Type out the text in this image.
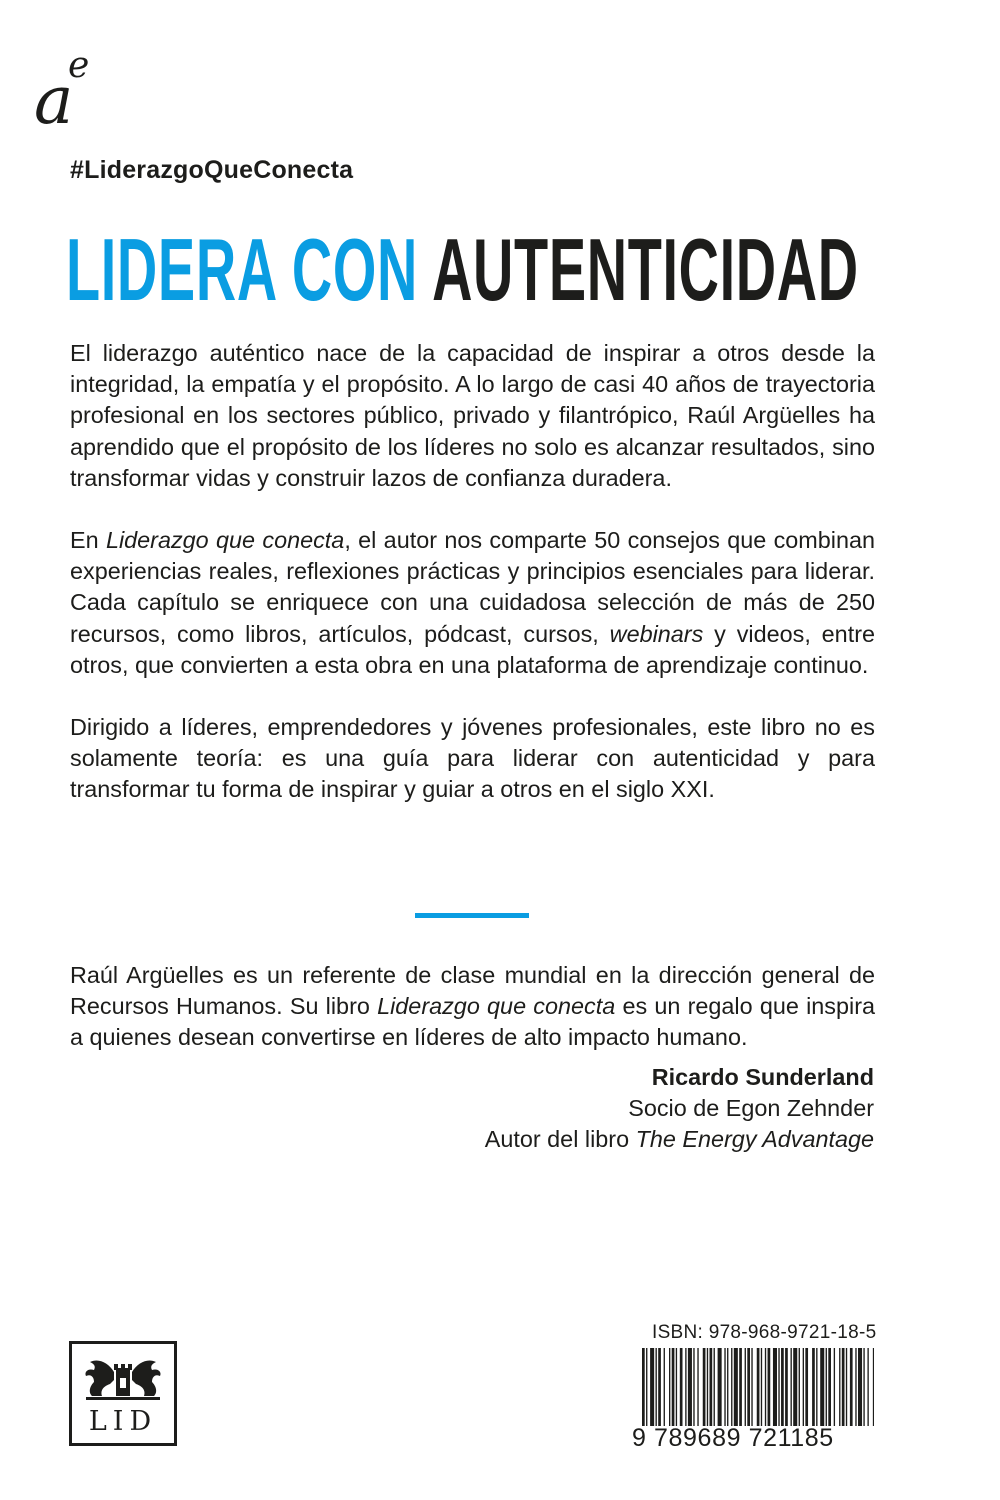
a
e
#LiderazgoQueConecta
LIDERA CON AUTENTICIDAD

El liderazgo auténtico nace de la capacidad de inspirar a otros desde la integridad, la empatía y el propósito. A lo largo de casi 40 años de trayectoria profesional en los sectores público, privado y filantrópico, Raúl Argüelles ha aprendido que el propósito de los líderes no solo es alcanzar resultados, sino transformar vidas y construir lazos de confianza duradera.

En Liderazgo que conecta, el autor nos comparte 50 consejos que combinan experiencias reales, reflexiones prácticas y principios esenciales para liderar. Cada capítulo se enriquece con una cuidadosa selección de más de 250 recursos, como libros, artículos, pódcast, cursos, webinars y videos, entre otros, que convierten a esta obra en una plataforma de aprendizaje continuo.

Dirigido a líderes, emprendedores y jóvenes profesionales, este libro no es solamente teoría: es una guía para liderar con autenticidad y para transformar tu forma de inspirar y guiar a otros en el siglo XXI.

Raúl Argüelles es un referente de clase mundial en la dirección general de Recursos Humanos. Su libro Liderazgo que conecta es un regalo que inspira a quienes desean convertirse en líderes de alto impacto humano.
Ricardo Sunderland
Socio de Egon Zehnder
Autor del libro The Energy Advantage
LID
ISBN: 978-968-9721-18-5
9 789689 721185
